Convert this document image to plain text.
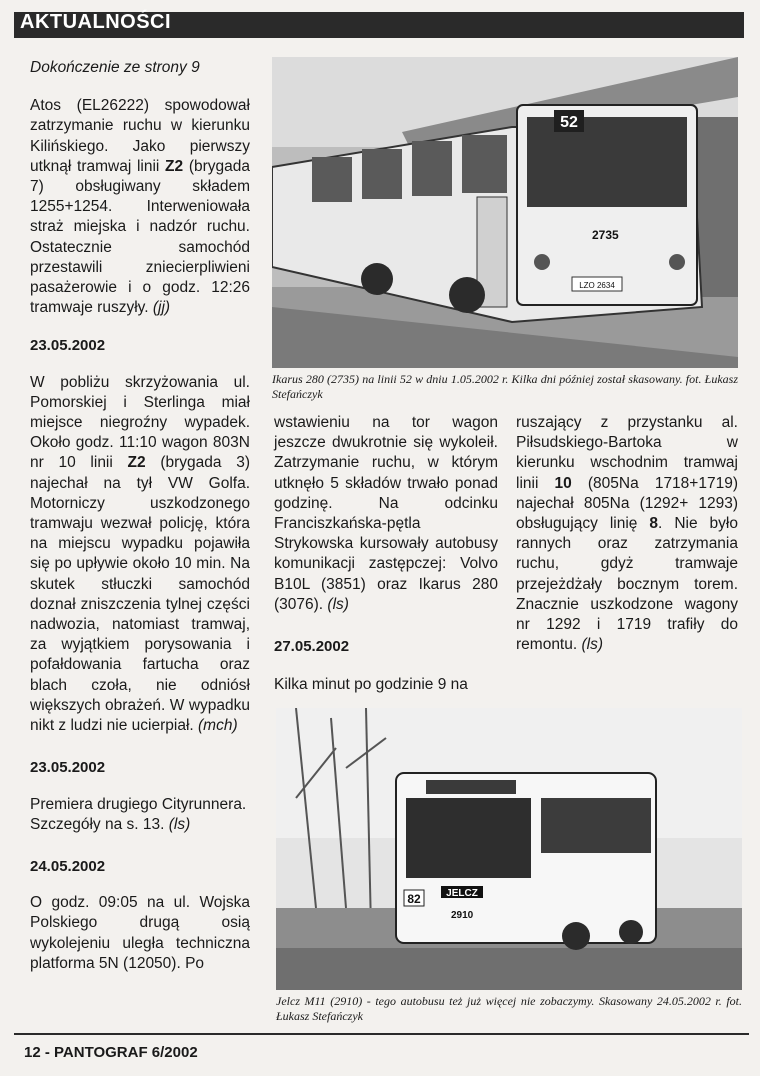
AKTUALNOŚCI

Dokończenie ze strony 9

Atos (EL26222) spowodował zatrzymanie ruchu w kierunku Kilińskiego. Jako pierwszy utknął tramwaj linii Z2 (brygada 7) obsługiwany składem 1255+1254. Interweniowała straż miejska i nadzór ruchu. Ostatecznie samochód przestawili zniecierpliwieni pasażerowie i o godz. 12:26 tramwaje ruszyły. (jj)

23.05.2002

W pobliżu skrzyżowania ul. Pomorskiej i Sterlinga miał miejsce niegroźny wypadek. Około godz. 11:10 wagon 803N nr 10 linii Z2 (brygada 3) najechał na tył VW Golfa. Motorniczy uszkodzonego tramwaju wezwał policję, która na miejscu wypadku pojawiła się po upływie około 10 min. Na skutek stłuczki samochód doznał zniszczenia tylnej części nadwozia, natomiast tramwaj, za wyjątkiem porysowania i pofałdowania fartucha oraz blach czoła, nie odniósł większych obrażeń. W wypadku nikt z ludzi nie ucierpiał. (mch)

23.05.2002

Premiera drugiego Cityrunnera. Szczegóły na s. 13. (ls)

24.05.2002

O godz. 09:05 na ul. Wojska Polskiego drugą osią wykolejeniu uległa techniczna platforma 5N (12050). Po

52
2735
LZO 2634
Ikarus 280 (2735) na linii 52 w dniu 1.05.2002 r. Kilka dni później został skasowany. fot. Łukasz Stefańczyk

wstawieniu na tor wagon jeszcze dwukrotnie się wykoleił. Zatrzymanie ruchu, w którym utknęło 5 składów trwało ponad godzinę. Na odcinku Franciszkańska-pętla Strykowska kursowały autobusy komunikacji zastępczej: Volvo B10L (3851) oraz Ikarus 280 (3076). (ls)

27.05.2002

Kilka minut po godzinie 9 na

ruszający z przystanku al. Piłsudskiego-Bartoka w kierunku wschodnim tramwaj linii 10 (805Na 1718+1719) najechał 805Na (1292+ 1293) obsługujący linię 8. Nie było rannych oraz zatrzymania ruchu, gdyż tramwaje przejeżdżały bocznym torem. Znacznie uszkodzone wagony nr 1292 i 1719 trafiły do remontu. (ls)

JELCZ
82
2910
Jelcz M11 (2910) - tego autobusu też już więcej nie zobaczymy. Skasowany 24.05.2002 r. fot. Łukasz Stefańczyk
12 - PANTOGRAF 6/2002
